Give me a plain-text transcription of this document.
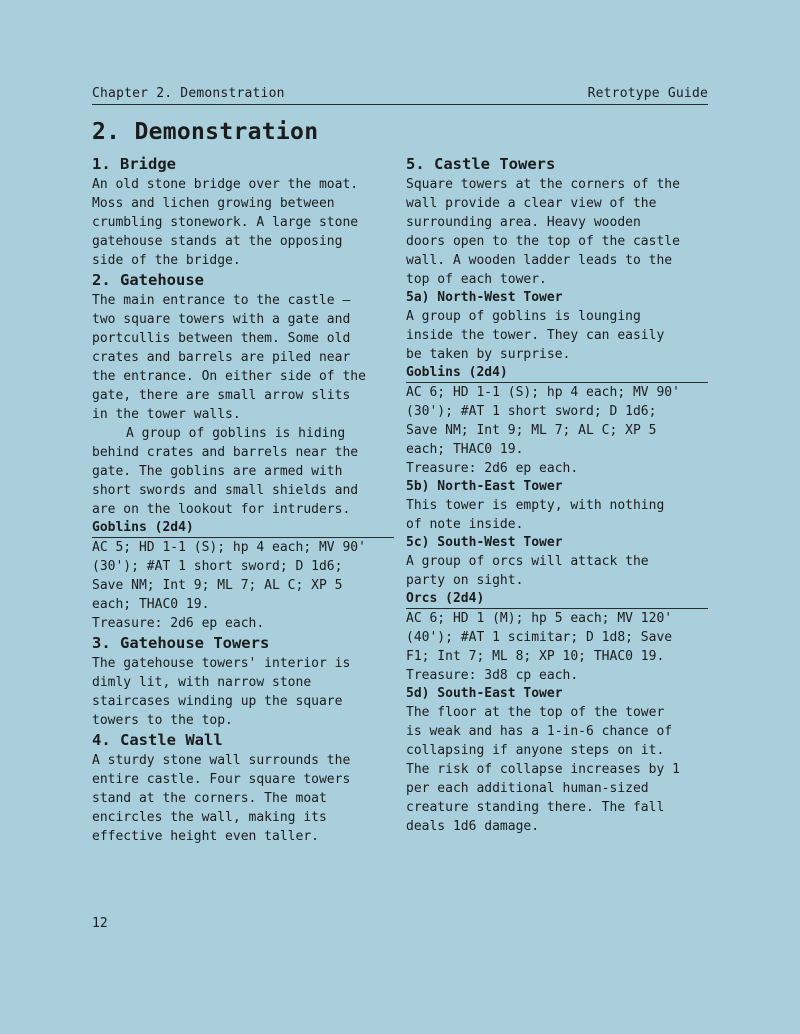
Chapter 2. Demonstration	Retrotype Guide
2. Demonstration
1. Bridge

An old stone bridge over the moat.
Moss and lichen growing between
crumbling stonework. A large stone
gatehouse stands at the opposing
side of the bridge.

2. Gatehouse

The main entrance to the castle —
two square towers with a gate and
portcullis between them. Some old
crates and barrels are piled near
the entrance. On either side of the
gate, there are small arrow slits
in the tower walls.

A group of goblins is hiding
behind crates and barrels near the
gate. The goblins are armed with
short swords and small shields and
are on the lookout for intruders.

Goblins (2d4)

AC 5; HD 1-1 (S); hp 4 each; MV 90'
(30'); #AT 1 short sword; D 1d6;
Save NM; Int 9; ML 7; AL C; XP 5
each; THAC0 19.
Treasure: 2d6 ep each.

3. Gatehouse Towers

The gatehouse towers' interior is
dimly lit, with narrow stone
staircases winding up the square
towers to the top.

4. Castle Wall

A sturdy stone wall surrounds the
entire castle. Four square towers
stand at the corners. The moat
encircles the wall, making its
effective height even taller.

5. Castle Towers

Square towers at the corners of the
wall provide a clear view of the
surrounding area. Heavy wooden
doors open to the top of the castle
wall. A wooden ladder leads to the
top of each tower.

5a) North-West Tower

A group of goblins is lounging
inside the tower. They can easily
be taken by surprise.

Goblins (2d4)

AC 6; HD 1-1 (S); hp 4 each; MV 90'
(30'); #AT 1 short sword; D 1d6;
Save NM; Int 9; ML 7; AL C; XP 5
each; THAC0 19.
Treasure: 2d6 ep each.

5b) North-East Tower

This tower is empty, with nothing
of note inside.

5c) South-West Tower

A group of orcs will attack the
party on sight.

Orcs (2d4)

AC 6; HD 1 (M); hp 5 each; MV 120'
(40'); #AT 1 scimitar; D 1d8; Save
F1; Int 7; ML 8; XP 10; THAC0 19.
Treasure: 3d8 cp each.

5d) South-East Tower

The floor at the top of the tower
is weak and has a 1-in-6 chance of
collapsing if anyone steps on it.
The risk of collapse increases by 1
per each additional human-sized
creature standing there. The fall
deals 1d6 damage.

12
